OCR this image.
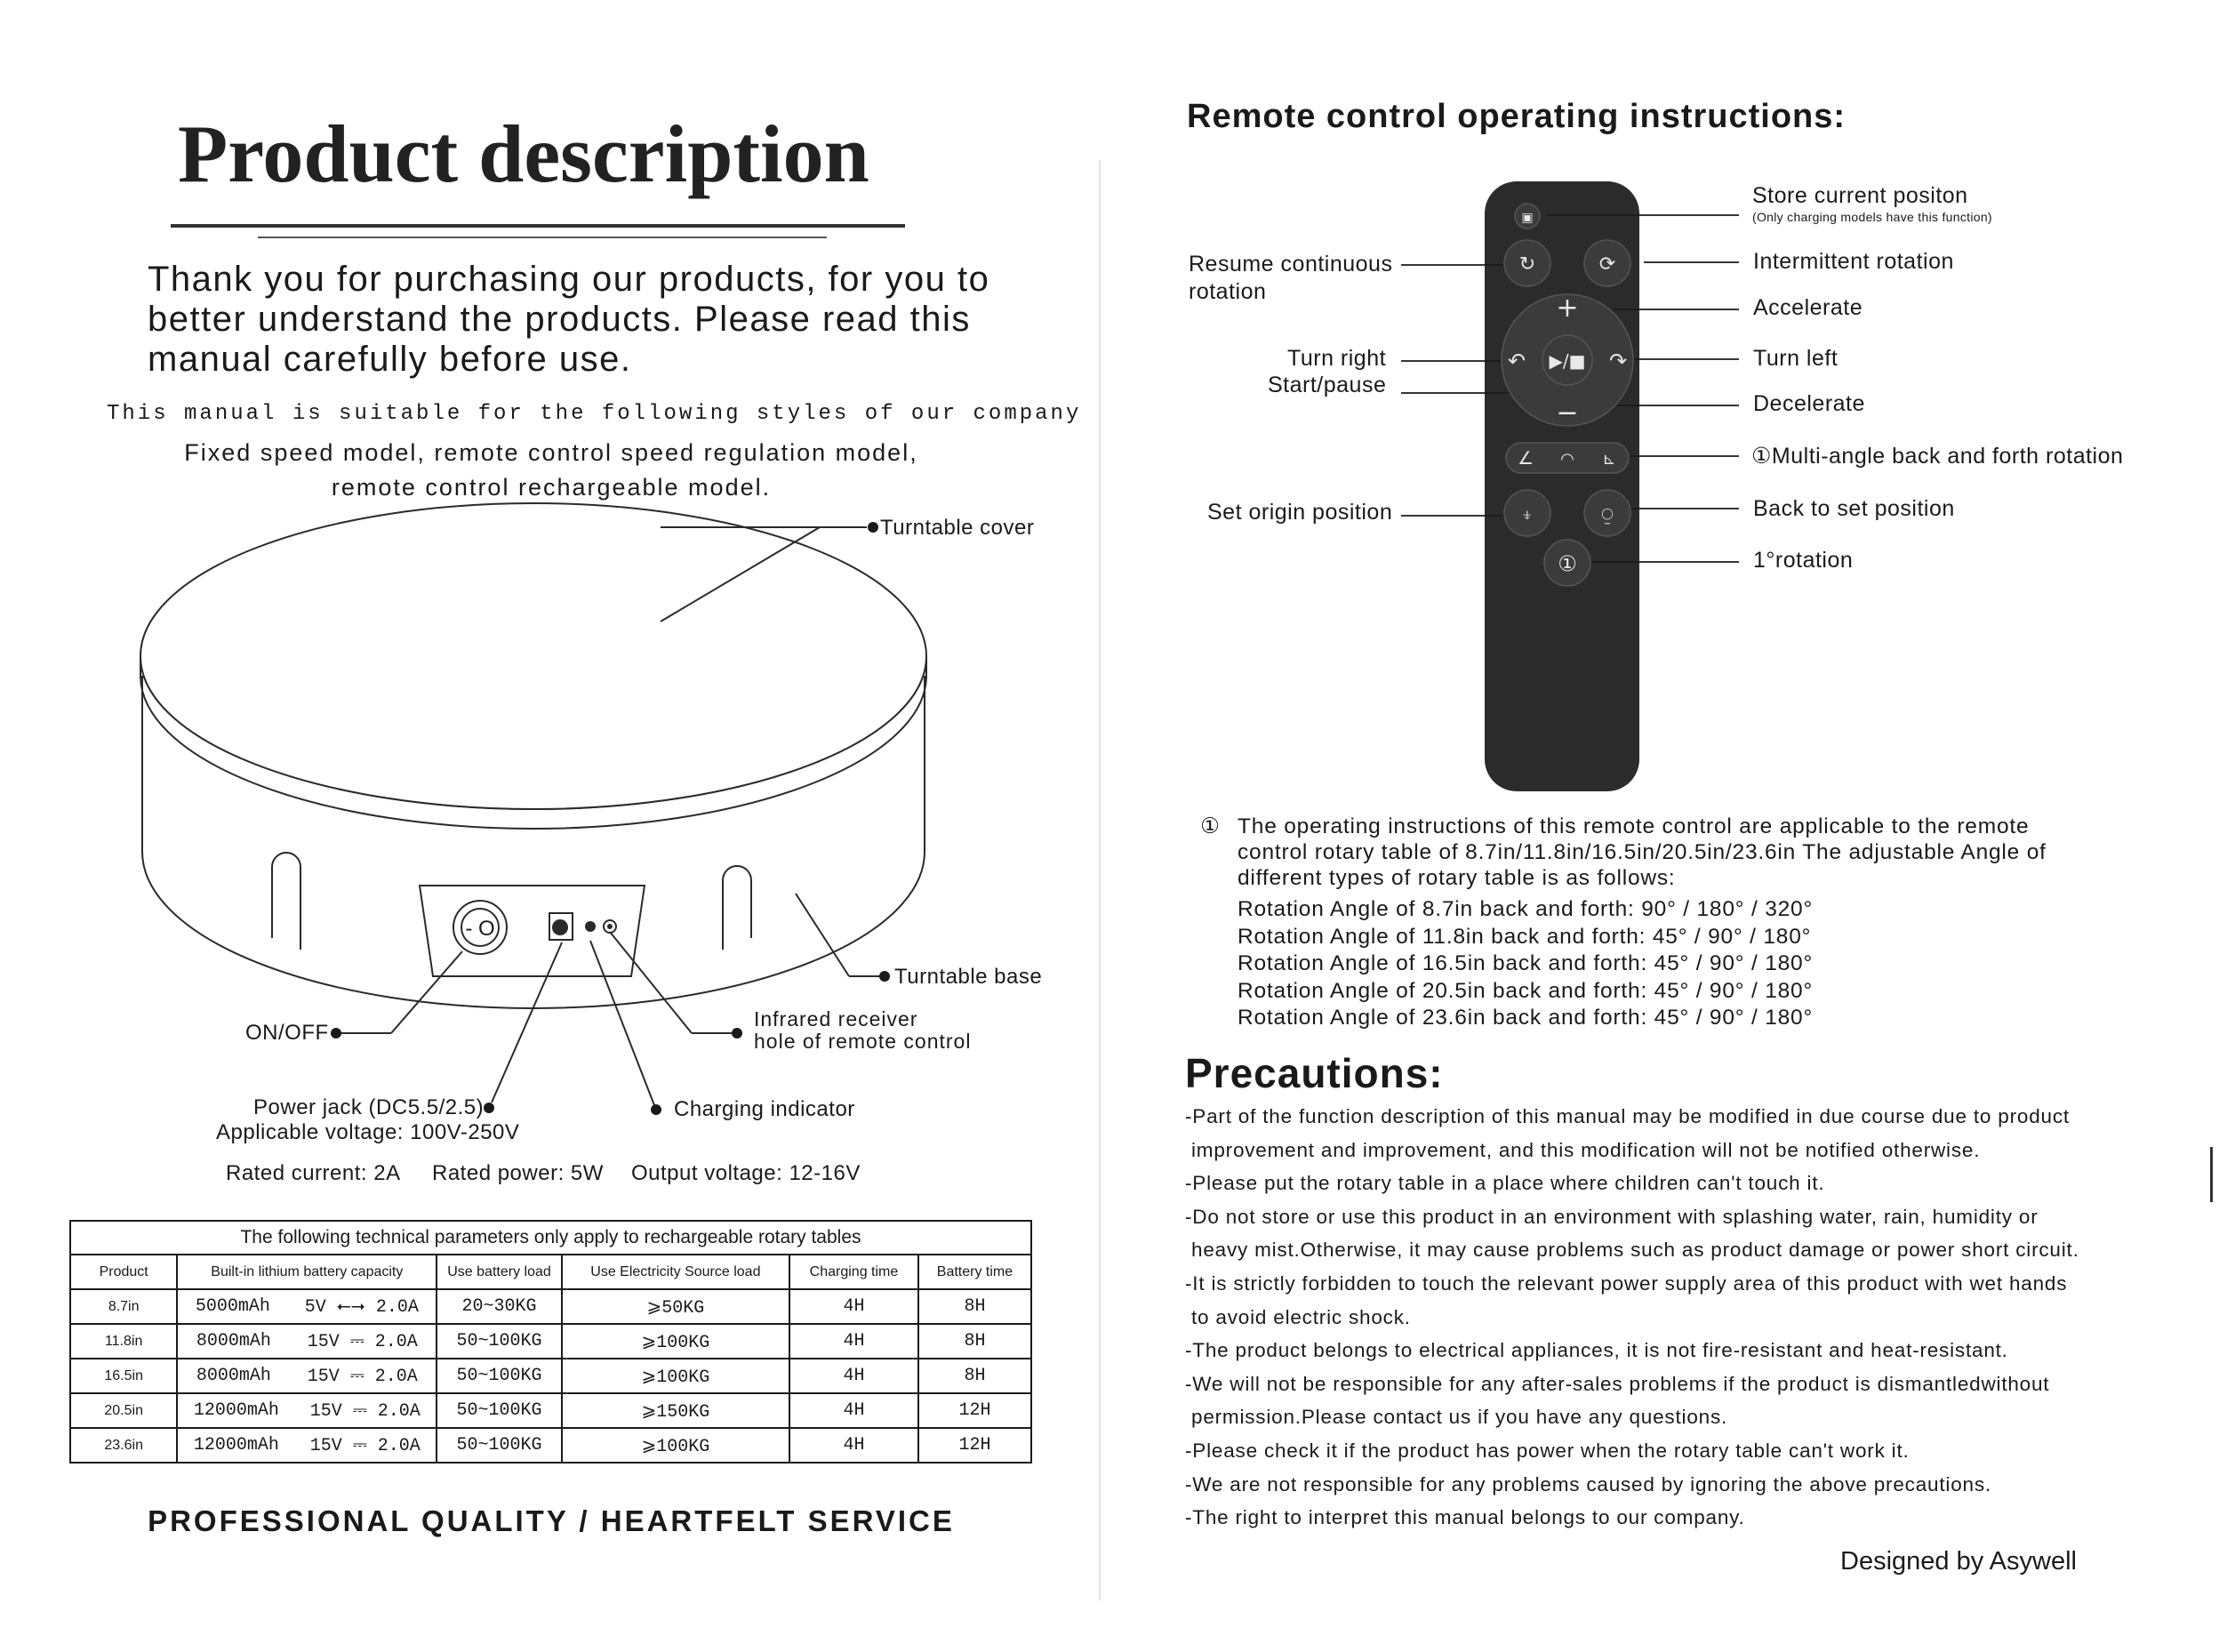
Product description
Thank you for purchasing our products, for you to better understand the products. Please read this manual carefully before use.
This manual is suitable for the following styles of our company
Fixed speed model, remote control speed regulation model,
remote control rechargeable model.
- O
Turntable cover
Turntable base
Infrared receiver
hole of remote control
ON/OFF
Power jack (DC5.5/2.5)
Applicable voltage: 100V-250V
Charging indicator
Rated current: 2A Rated power: 5W Output voltage: 12-16V
The following technical parameters only apply to rechargeable rotary tables					
Product	Built-in lithium battery capacity	Use battery load	Use Electricity Source load	Charging time	Battery time
8.7in	5000mAh 5V ⭠⭢ 2.0A	20~30KG	⩾50KG	4H	8H
11.8in	8000mAh 15V ⎓ 2.0A	50~100KG	⩾100KG	4H	8H
16.5in	8000mAh 15V ⎓ 2.0A	50~100KG	⩾100KG	4H	8H
20.5in	12000mAh 15V ⎓ 2.0A	50~100KG	⩾150KG	4H	12H
23.6in	12000mAh 15V ⎓ 2.0A	50~100KG	⩾100KG	4H	12H
PROFESSIONAL QUALITY / HEARTFELT SERVICE
Remote control operating instructions:
▣
↻	⟳
+
−
↶	↷
▶/■
∠ ◠ ⊾
⍖	⍜
①
Store current positon
(Only charging models have this function)
Resume continuous
rotation
Intermittent rotation
Accelerate
Turn right
Start/pause
Turn left
Decelerate
①Multi-angle back and forth rotation
Set origin position	Back to set position
1°rotation
① The operating instructions of this remote control are applicable to the remote control rotary table of 8.7in/11.8in/16.5in/20.5in/23.6in The adjustable Angle of different types of rotary table is as follows:
Rotation Angle of 8.7in back and forth: 90° / 180° / 320°
Rotation Angle of 11.8in back and forth: 45° / 90° / 180°
Rotation Angle of 16.5in back and forth: 45° / 90° / 180°
Rotation Angle of 20.5in back and forth: 45° / 90° / 180°
Rotation Angle of 23.6in back and forth: 45° / 90° / 180°
Precautions:
-Part of the function description of this manual may be modified in due course due to product
improvement and improvement, and this modification will not be notified otherwise.
-Please put the rotary table in a place where children can't touch it.
-Do not store or use this product in an environment with splashing water, rain, humidity or
heavy mist.Otherwise, it may cause problems such as product damage or power short circuit.
-It is strictly forbidden to touch the relevant power supply area of this product with wet hands
to avoid electric shock.
-The product belongs to electrical appliances, it is not fire-resistant and heat-resistant.
-We will not be responsible for any after-sales problems if the product is dismantledwithout
permission.Please contact us if you have any questions.
-Please check it if the product has power when the rotary table can't work it.
-We are not responsible for any problems caused by ignoring the above precautions.
-The right to interpret this manual belongs to our company.
Designed by Asywell
